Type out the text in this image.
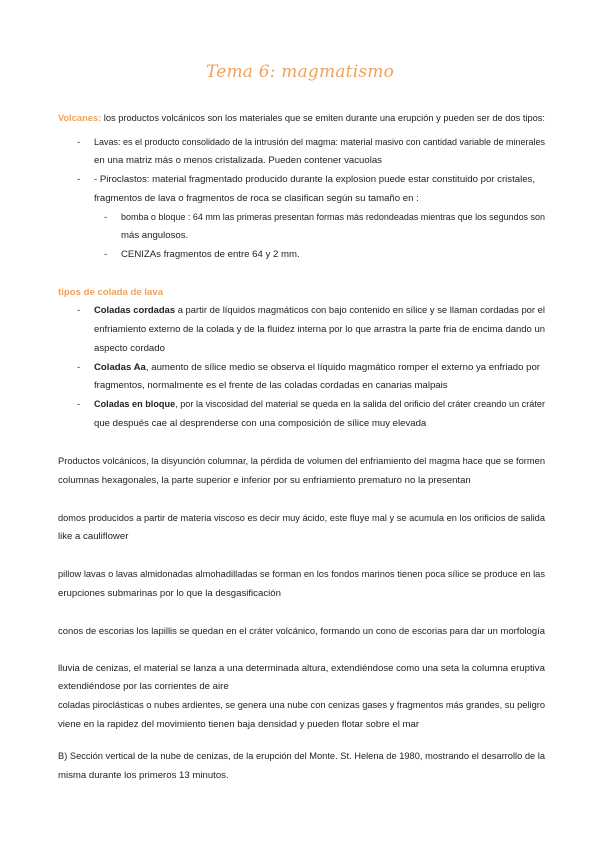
Tema 6: magmatismo
Volcanes: los productos volcánicos son los materiales que se emiten durante una erupción y pueden ser de dos tipos:
- Lavas: es el producto consolidado de la intrusión del magma: material masivo con cantidad variable de minerales
en una matriz más o menos cristalizada. Pueden contener vacuolas
- - Piroclastos: material fragmentado producido durante la explosion puede estar constituido por cristales,
fragmentos de lava o fragmentos de roca se clasifican según su tamaño en :
- bomba o bloque : 64 mm las primeras presentan formas más redondeadas mientras que los segundos son
más angulosos.
- CENIZAs fragmentos de entre 64 y 2 mm.
tipos de colada de lava
- Coladas cordadas a partir de líquidos magmáticos con bajo contenido en sílice y se llaman cordadas por el
enfriamiento externo de la colada y de la fluidez interna por lo que arrastra la parte fria de encima dando un
aspecto cordado
- Coladas Aa, aumento de sílice medio se observa el líquido magmático romper el externo ya enfriado por
fragmentos, normalmente es el frente de las coladas cordadas en canarias malpais
- Coladas en bloque, por la viscosidad del material se queda en la salida del orificio del cráter creando un cráter
que después cae al desprenderse con una composición de sílice muy elevada
Productos volcánicos, la disyunción columnar, la pérdida de volumen del enfriamiento del magma hace que se formen
columnas hexagonales, la parte superior e inferior por su enfriamiento prematuro no la presentan
domos producidos a partir de materia viscoso es decir muy ácido, este fluye mal y se acumula en los orificios de salida
like a cauliflower
pillow lavas o lavas almidonadas almohadilladas se forman en los fondos marinos tienen poca sílice se produce en las
erupciones submarinas por lo que la desgasificación
conos de escorias los lapillis se quedan en el cráter volcánico, formando un cono de escorias para dar un morfología
lluvia de cenizas, el material se lanza a una determinada altura, extendiéndose como una seta la columna eruptiva
extendiéndose por las corrientes de aire
coladas piroclásticas o nubes ardientes, se genera una nube con cenizas gases y fragmentos más grandes, su peligro
viene en la rapidez del movimiento tienen baja densidad y pueden flotar sobre el mar
B) Sección vertical de la nube de cenizas, de la erupción del Monte. St. Helena de 1980, mostrando el desarrollo de la
misma durante los primeros 13 minutos.
